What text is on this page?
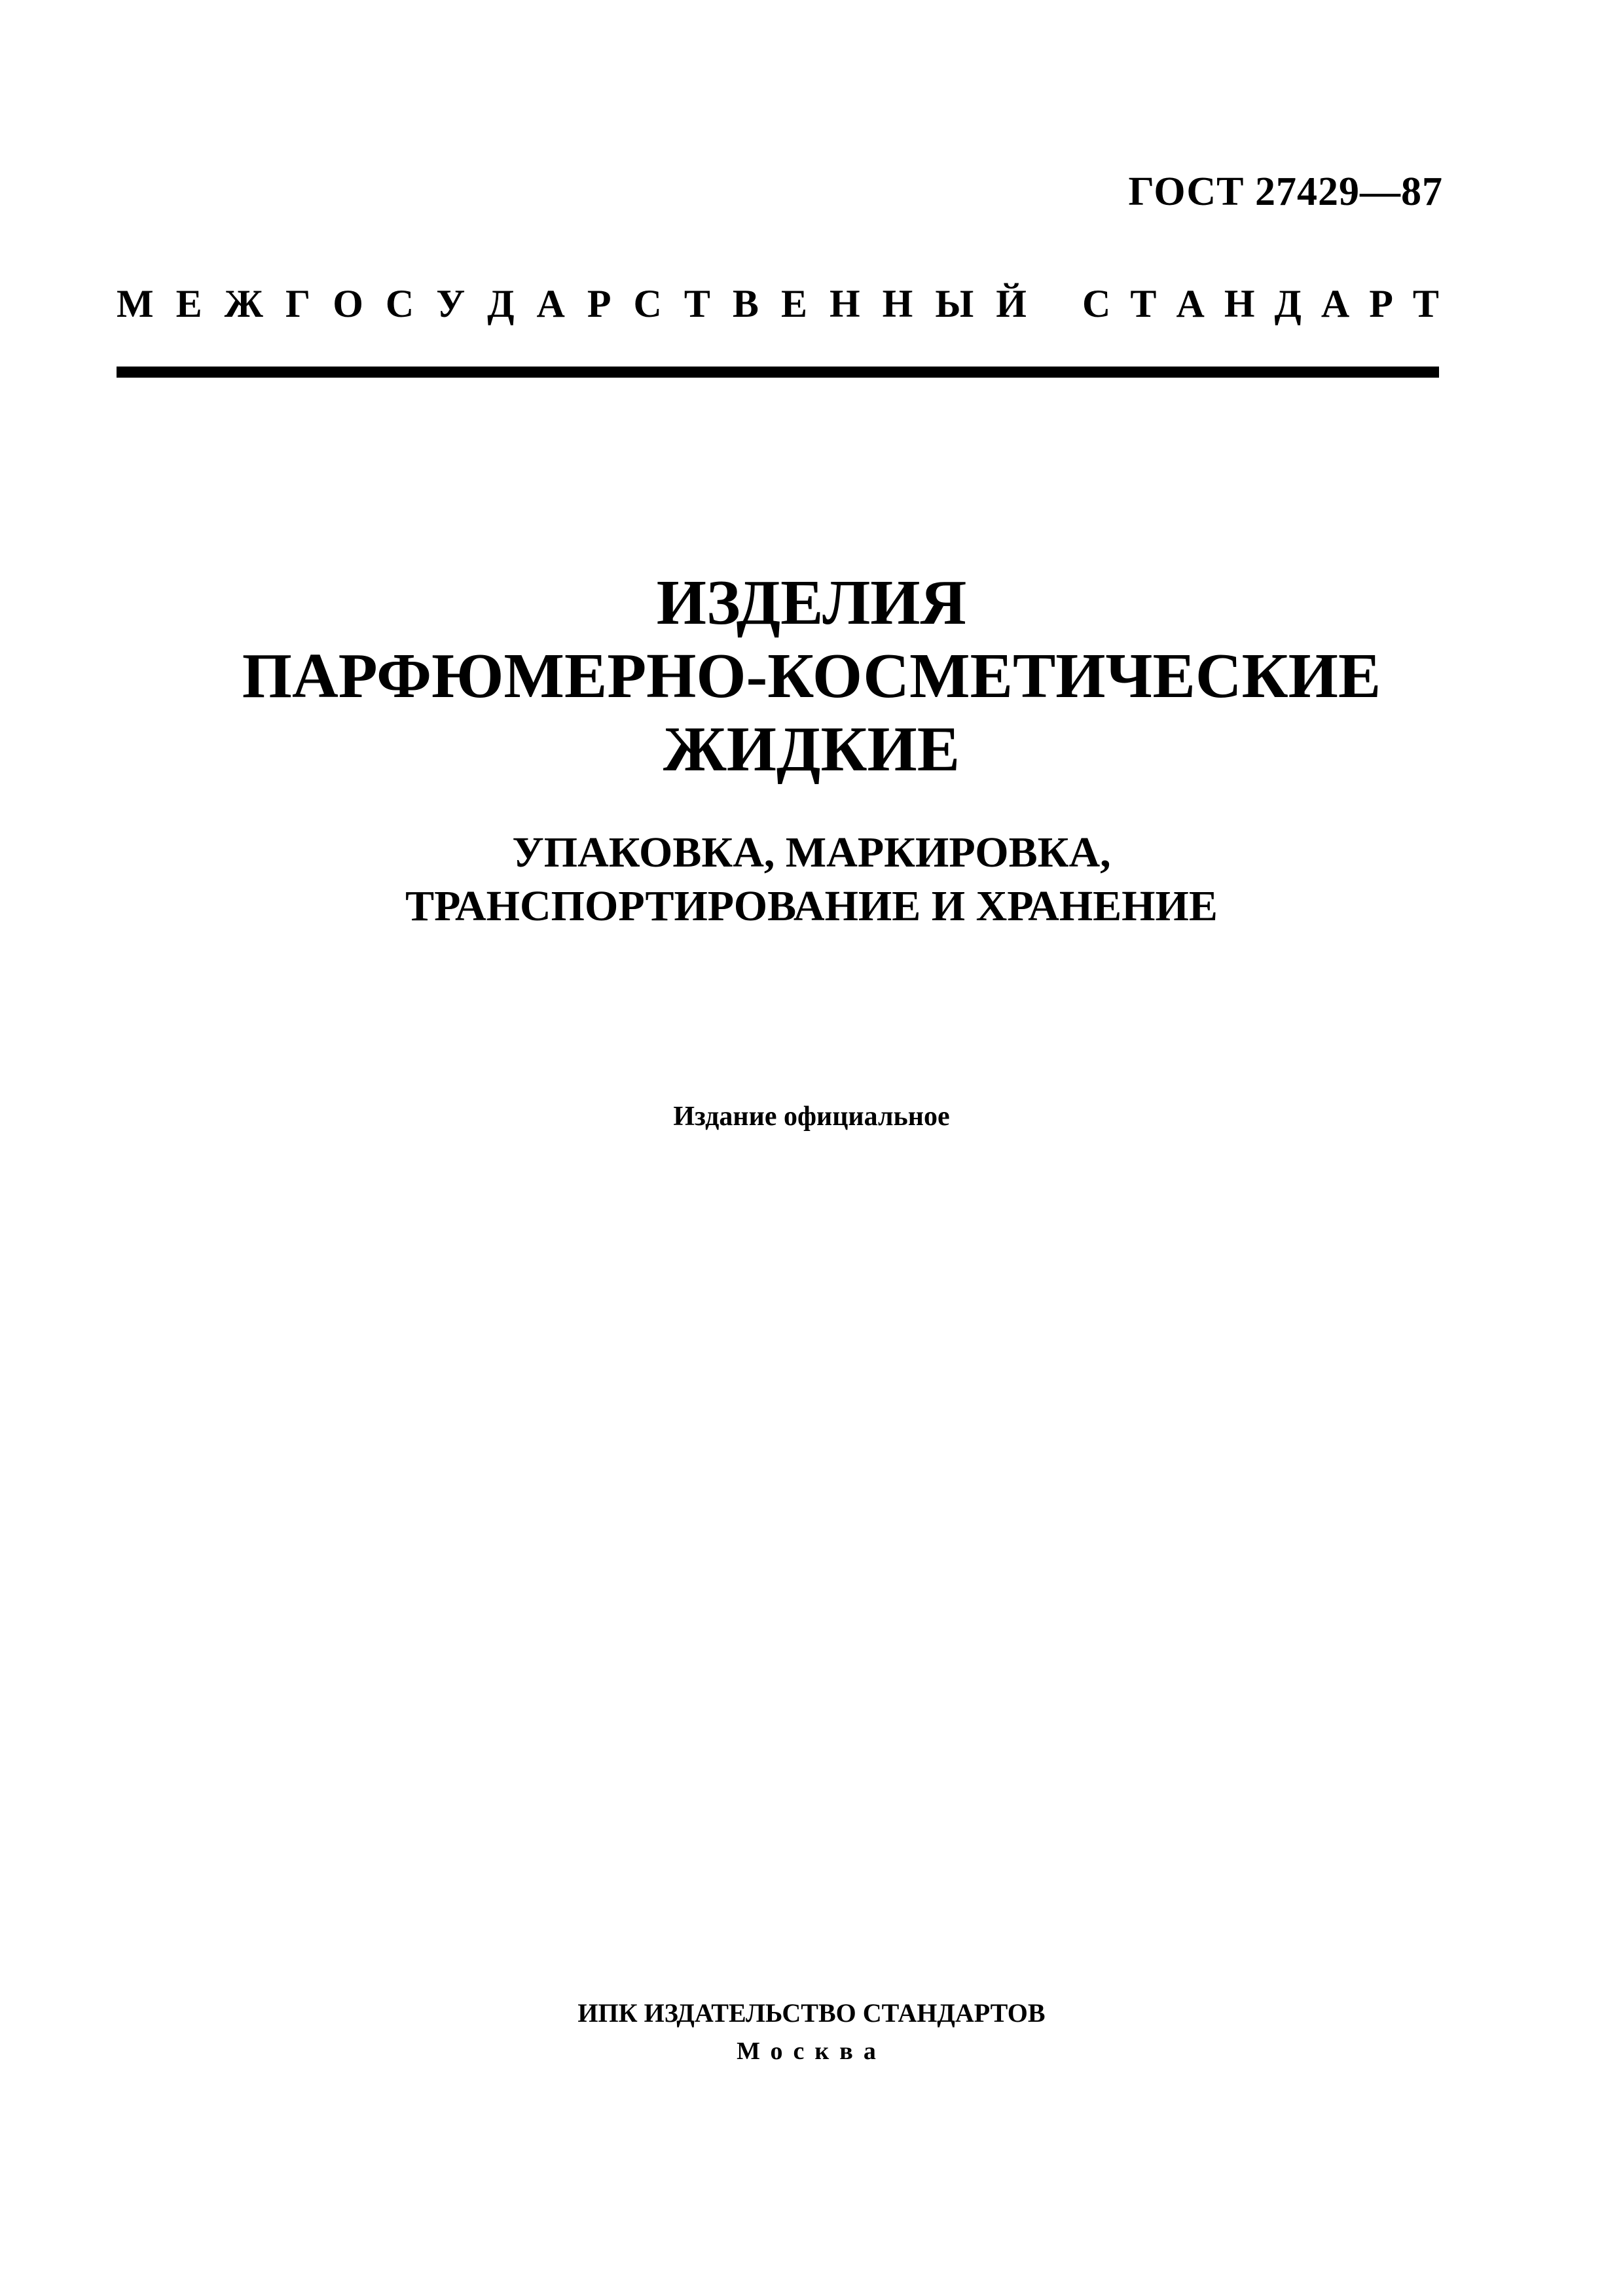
ГОСТ 27429—87
М Е Ж Г О С У Д А Р С Т В Е Н Н Ы Й С Т А Н Д А Р Т
ИЗДЕЛИЯ
ПАРФЮМЕРНО-КОСМЕТИЧЕСКИЕ
ЖИДКИЕ
УПАКОВКА, МАРКИРОВКА,
ТРАНСПОРТИРОВАНИЕ И ХРАНЕНИЕ
Издание официальное
ИПК ИЗДАТЕЛЬСТВО СТАНДАРТОВ
Москва
